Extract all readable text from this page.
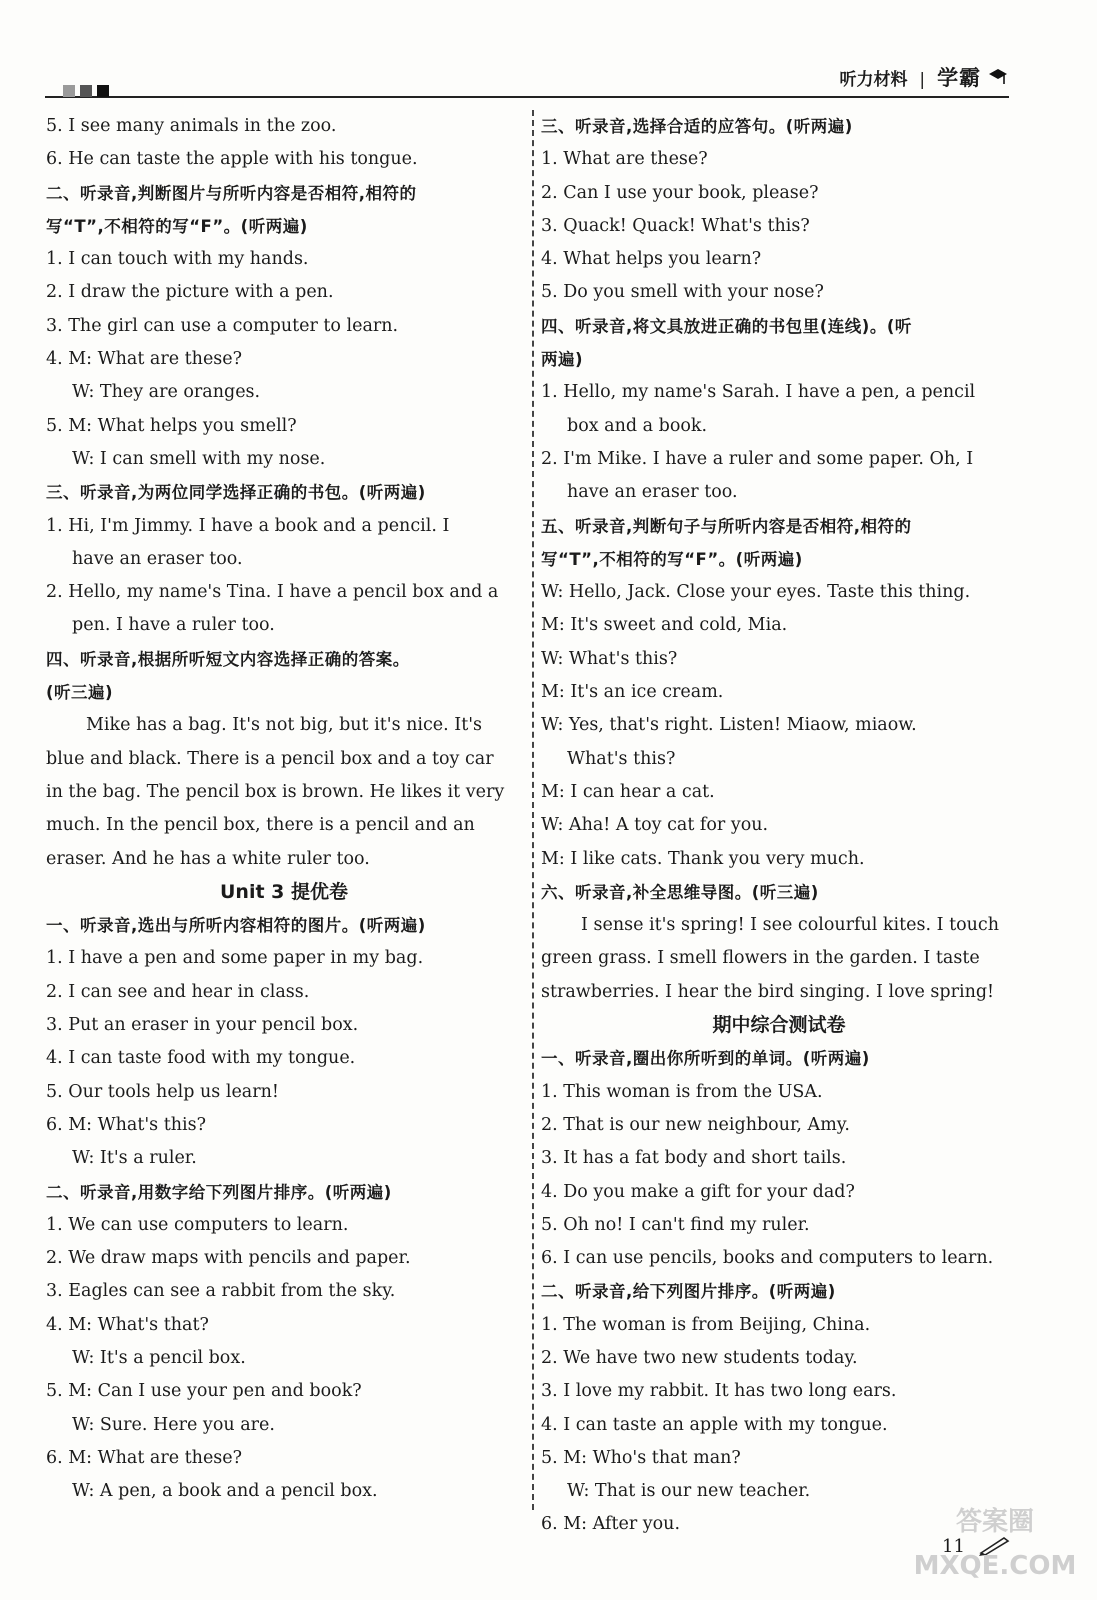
听力材料 | 学霸
5. I see many animals in the zoo.
6. He can taste the apple with his tongue.
二、听录音,判断图片与所听内容是否相符,相符的
写“T”,不相符的写“F”。(听两遍)
1. I can touch with my hands.
2. I draw the picture with a pen.
3. The girl can use a computer to learn.
4. M: What are these?
W: They are oranges.
5. M: What helps you smell?
W: I can smell with my nose.
三、听录音,为两位同学选择正确的书包。(听两遍)
1. Hi, I'm Jimmy. I have a book and a pencil. I
have an eraser too.
2. Hello, my name's Tina. I have a pencil box and a
pen. I have a ruler too.
四、听录音,根据所听短文内容选择正确的答案。
(听三遍)
Mike has a bag. It's not big, but it's nice. It's
blue and black. There is a pencil box and a toy car
in the bag. The pencil box is brown. He likes it very
much. In the pencil box, there is a pencil and an
eraser. And he has a white ruler too.
Unit 3 提优卷
一、听录音,选出与所听内容相符的图片。(听两遍)
1. I have a pen and some paper in my bag.
2. I can see and hear in class.
3. Put an eraser in your pencil box.
4. I can taste food with my tongue.
5. Our tools help us learn!
6. M: What's this?
W: It's a ruler.
二、听录音,用数字给下列图片排序。(听两遍)
1. We can use computers to learn.
2. We draw maps with pencils and paper.
3. Eagles can see a rabbit from the sky.
4. M: What's that?
W: It's a pencil box.
5. M: Can I use your pen and book?
W: Sure. Here you are.
6. M: What are these?
W: A pen, a book and a pencil box.
三、听录音,选择合适的应答句。(听两遍)
1. What are these?
2. Can I use your book, please?
3. Quack! Quack! What's this?
4. What helps you learn?
5. Do you smell with your nose?
四、听录音,将文具放进正确的书包里(连线)。(听
两遍)
1. Hello, my name's Sarah. I have a pen, a pencil
box and a book.
2. I'm Mike. I have a ruler and some paper. Oh, I
have an eraser too.
五、听录音,判断句子与所听内容是否相符,相符的
写“T”,不相符的写“F”。(听两遍)
W: Hello, Jack. Close your eyes. Taste this thing.
M: It's sweet and cold, Mia.
W: What's this?
M: It's an ice cream.
W: Yes, that's right. Listen! Miaow, miaow.
What's this?
M: I can hear a cat.
W: Aha! A toy cat for you.
M: I like cats. Thank you very much.
六、听录音,补全思维导图。(听三遍)
I sense it's spring! I see colourful kites. I touch
green grass. I smell flowers in the garden. I taste
strawberries. I hear the bird singing. I love spring!
期中综合测试卷
一、听录音,圈出你所听到的单词。(听两遍)
1. This woman is from the USA.
2. That is our new neighbour, Amy.
3. It has a fat body and short tails.
4. Do you make a gift for your dad?
5. Oh no! I can't find my ruler.
6. I can use pencils, books and computers to learn.
二、听录音,给下列图片排序。(听两遍)
1. The woman is from Beijing, China.
2. We have two new students today.
3. I love my rabbit. It has two long ears.
4. I can taste an apple with my tongue.
5. M: Who's that man?
W: That is our new teacher.
6. M: After you.
11
答案圈
MXQE.COM
